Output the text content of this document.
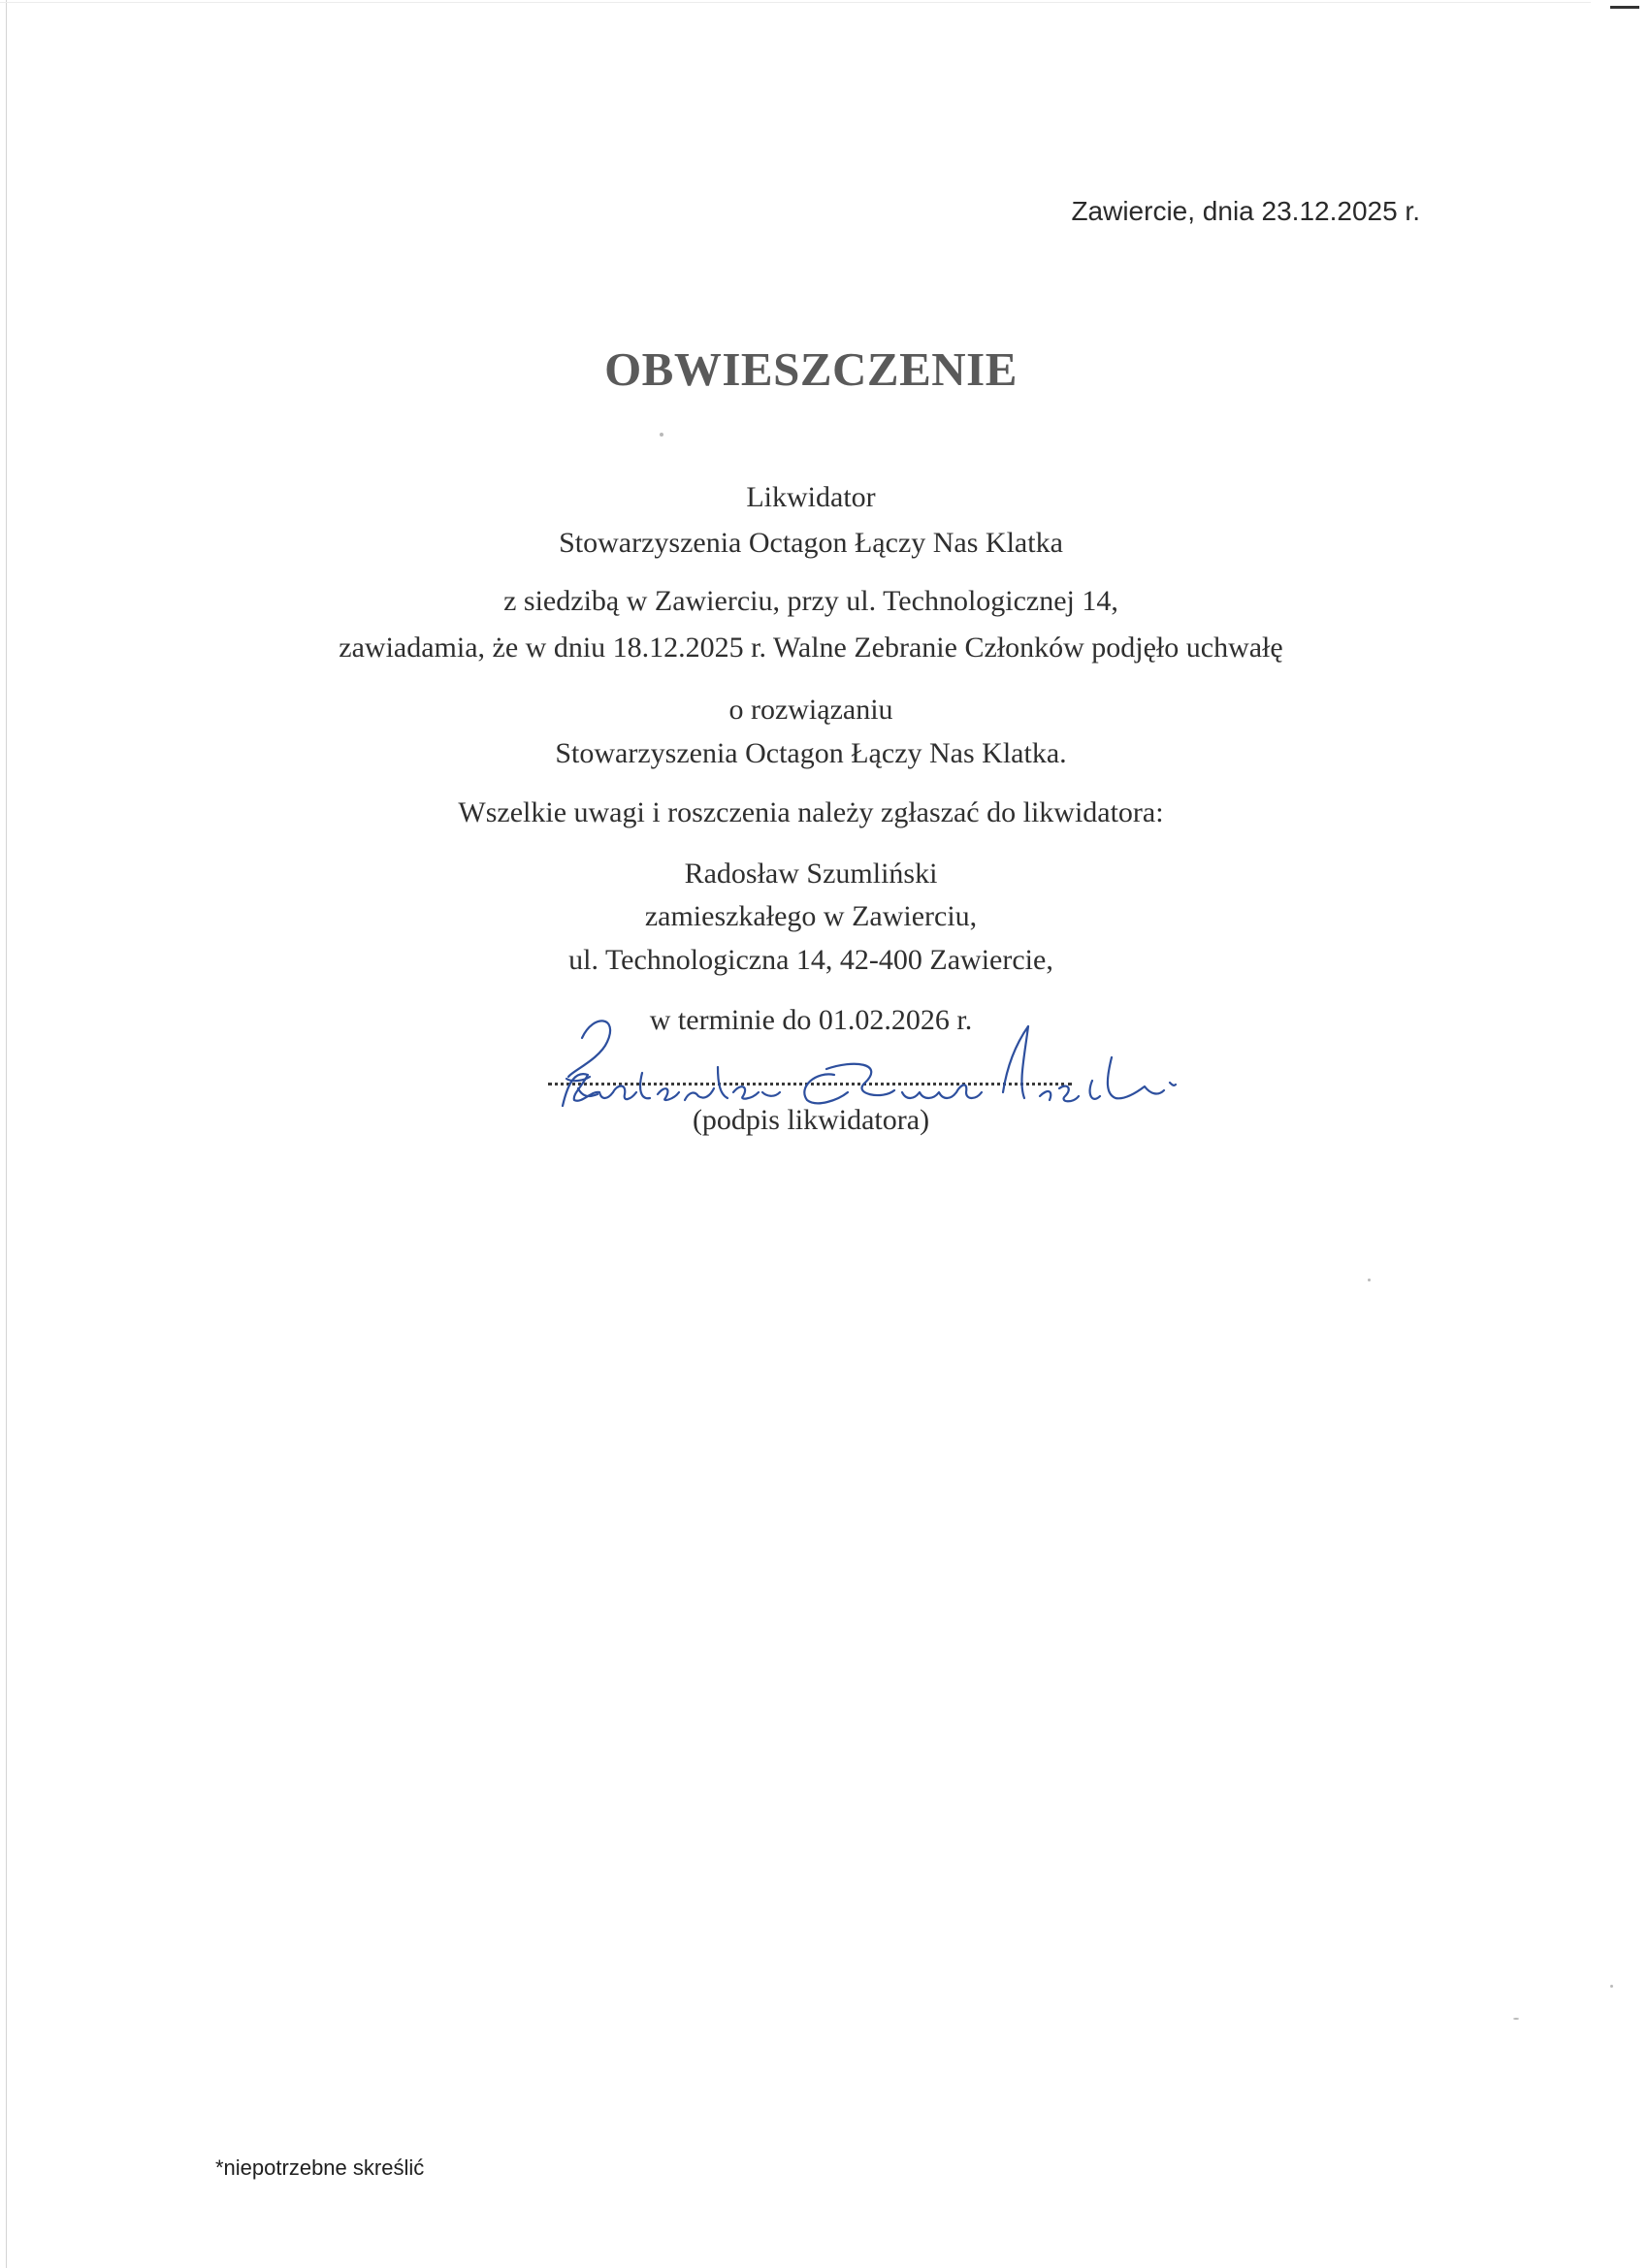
Zawiercie, dnia 23.12.2025 r.
OBWIESZCZENIE
Likwidator
Stowarzyszenia Octagon Łączy Nas Klatka
z siedzibą w Zawierciu, przy ul. Technologicznej 14,
zawiadamia, że w dniu 18.12.2025 r. Walne Zebranie Członków podjęło uchwałę
o rozwiązaniu
Stowarzyszenia Octagon Łączy Nas Klatka.
Wszelkie uwagi i roszczenia należy zgłaszać do likwidatora:
Radosław Szumliński
zamieszkałego w Zawierciu,
ul. Technologiczna 14, 42-400 Zawiercie,
w terminie do 01.02.2026 r.
(podpis likwidatora)
*niepotrzebne skreślić
